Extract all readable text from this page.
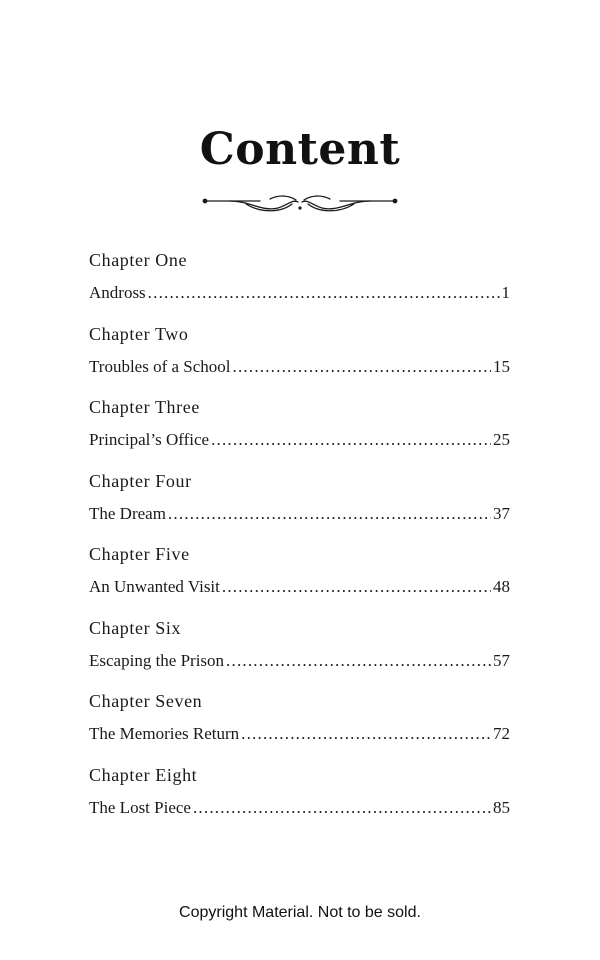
Content
Chapter One
Andross .....	1
Chapter Two
Troubles of a School .....	15
Chapter Three
Principal’s Office .....	25
Chapter Four
The Dream .....	37
Chapter Five
An Unwanted Visit .....	48
Chapter Six
Escaping the Prison .....	57
Chapter Seven
The Memories Return .....	72
Chapter Eight
The Lost Piece .....	85
Copyright Material. Not to be sold.
